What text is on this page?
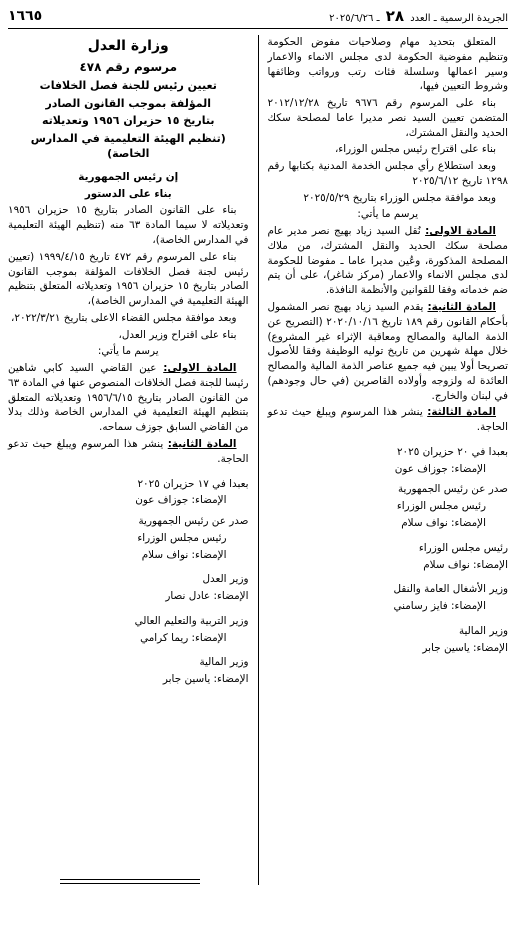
الجريدة الرسمية ـ العدد ٢٨ ـ ٢٠٢٥/٦/٢٦
١٦٦٥

المتعلق بتحديد مهام وصلاحيات مفوض الحكومة وتنظيم مفوضية الحكومة لدى مجلس الانماء والاعمار وسير اعمالها وسلسلة فئات رتب ورواتب وظائفها وشروط التعيين فيها،

بناء على المرسوم رقم ٩٦٧٦ تاريخ ٢٠١٢/١٢/٢٨ المتضمن تعيين السيد نصر مديرا عاما لمصلحة سكك الحديد والنقل المشترك،

بناء على اقتراح رئيس مجلس الوزراء،

وبعد استطلاع رأي مجلس الخدمة المدنية بكتابها رقم ١٢٩٨ تاريخ ٢٠٢٥/٦/١٢

وبعد موافقة مجلس الوزراء بتاريخ ٢٠٢٥/٥/٢٩

يرسم ما يأتي:

المادة الاولى: نُقل السيد زياد بهيج نصر مدير عام مصلحة سكك الحديد والنقل المشترك، من ملاك المصلحة المذكورة، وعُين مديرا عاما ـ مفوضا للحكومة لدى مجلس الانماء والاعمار (مركز شاغر)، على أن يتم ضم خدماته وفقا للقوانين والأنظمة النافذة.

المادة الثانية: يقدم السيد زياد بهيج نصر المشمول بأحكام القانون رقم ١٨٩ تاريخ ٢٠٢٠/١٠/١٦ (التصريح عن الذمة المالية والمصالح ومعاقبة الإثراء غير المشروع) خلال مهلة شهرين من تاريخ توليه الوظيفة وفقا للأصول تصريحا أولا يبين فيه جميع عناصر الذمة المالية والمصالح العائدة له ولزوجه وأولاده القاصرين (في حال وجودهم) في لبنان والخارج.

المادة الثالثة: ينشر هذا المرسوم ويبلغ حيث تدعو الحاجة.

بعبدا في ٢٠ حزيران ٢٠٢٥

الإمضاء: جوزاف عون

صدر عن رئيس الجمهورية

رئيس مجلس الوزراء

الإمضاء: نواف سلام

رئيس مجلس الوزراء

الإمضاء: نواف سلام

وزير الأشغال العامة والنقل

الإمضاء: فايز رسامني

وزير المالية

الإمضاء: ياسين جابر

وزارة العدل

مرسوم رقم ٤٧٨

تعيين رئيس للجنة فصل الخلافات

المؤلفة بموجب القانون الصادر

بتاريخ ١٥ حزيران ١٩٥٦ وتعديلاته

(تنظيم الهيئة التعليمية في المدارس الخاصة)

إن رئيس الجمهورية

بناء على الدستور

بناء على القانون الصادر بتاريخ ١٥ حزيران ١٩٥٦ وتعديلاته لا سيما المادة ٦٣ منه (تنظيم الهيئة التعليمية في المدارس الخاصة)،

بناء على المرسوم رقم ٤٧٢ تاريخ ١٩٩٩/٤/١٥ (تعيين رئيس لجنة فصل الخلافات المؤلفة بموجب القانون الصادر بتاريخ ١٥ حزيران ١٩٥٦ وتعديلاته المتعلق بتنظيم الهيئة التعليمية في المدارس الخاصة)،

وبعد موافقة مجلس القضاء الاعلى بتاريخ ٢٠٢٢/٣/٢١،

بناء على اقتراح وزير العدل،

يرسم ما يأتي:

المادة الاولى: عين القاضي السيد كابي شاهين رئيسا للجنة فصل الخلافات المنصوص عنها في المادة ٦٣ من القانون الصادر بتاريخ ١٩٥٦/٦/١٥ وتعديلاته المتعلق بتنظيم الهيئة التعليمية في المدارس الخاصة وذلك بدلا من القاضي السابق جوزف سماحه.

المادة الثانية: ينشر هذا المرسوم ويبلغ حيث تدعو الحاجة.

بعبدا في ١٧ حزيران ٢٠٢٥

الإمضاء: جوزاف عون

صدر عن رئيس الجمهورية

رئيس مجلس الوزراء

الإمضاء: نواف سلام

وزير العدل

الإمضاء: عادل نصار

وزير التربية والتعليم العالي

الإمضاء: ريما كرامي

وزير المالية

الإمضاء: ياسين جابر
